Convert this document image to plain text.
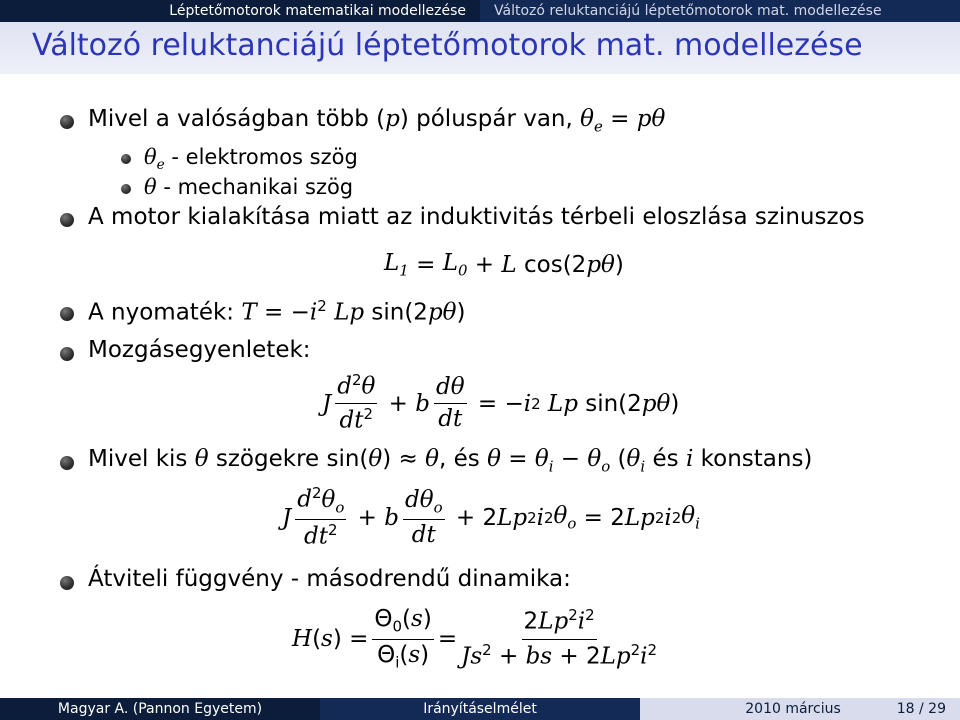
Léptetőmotorok matematikai modellezése	Változó reluktanciájú léptetőmotorok mat. modellezése
Változó reluktanciájú léptetőmotorok mat. modellezése
Mivel a valóságban több (p) póluspár van, $\theta_e = p\theta$
$\theta_e$ - elektromos szög
θ - mechanikai szög
A motor kialakítása miatt az induktivitás térbeli eloszlása szinuszos
$L_1 = L_0 + L$ cos(2 pθ )
A nyomaték: $T = -i^2$ Lp sin(2pθ)
Mozgásegyenletek:
J $\frac{d^2\theta}{dt^2} + b \frac{d\theta}{dt}$ = − i 2
Lp sin(2 pθ )
Mivel kis θ szögekre sin(θ) ≈ θ, és $\theta = \theta_i - \theta_o$ ($\theta_i$ és i konstans)
J $\frac{d^2\theta_o}{dt^2} + b \frac{d\theta_o}{dt} + 2$ Lp 2 i 2 $\theta_o = 2$ Lp 2 i 2 $\theta_i$
Átviteli függvény - másodrendű dinamika:
H ( s ) = $\frac{\Theta_0(s)}{\Theta_i(s)} = \frac{2Lp^2i^2}{Js^2 + bs + 2Lp^2i^2}$
Magyar A. (Pannon Egyetem)	Irányításelmélet	2010 március	18 / 29
